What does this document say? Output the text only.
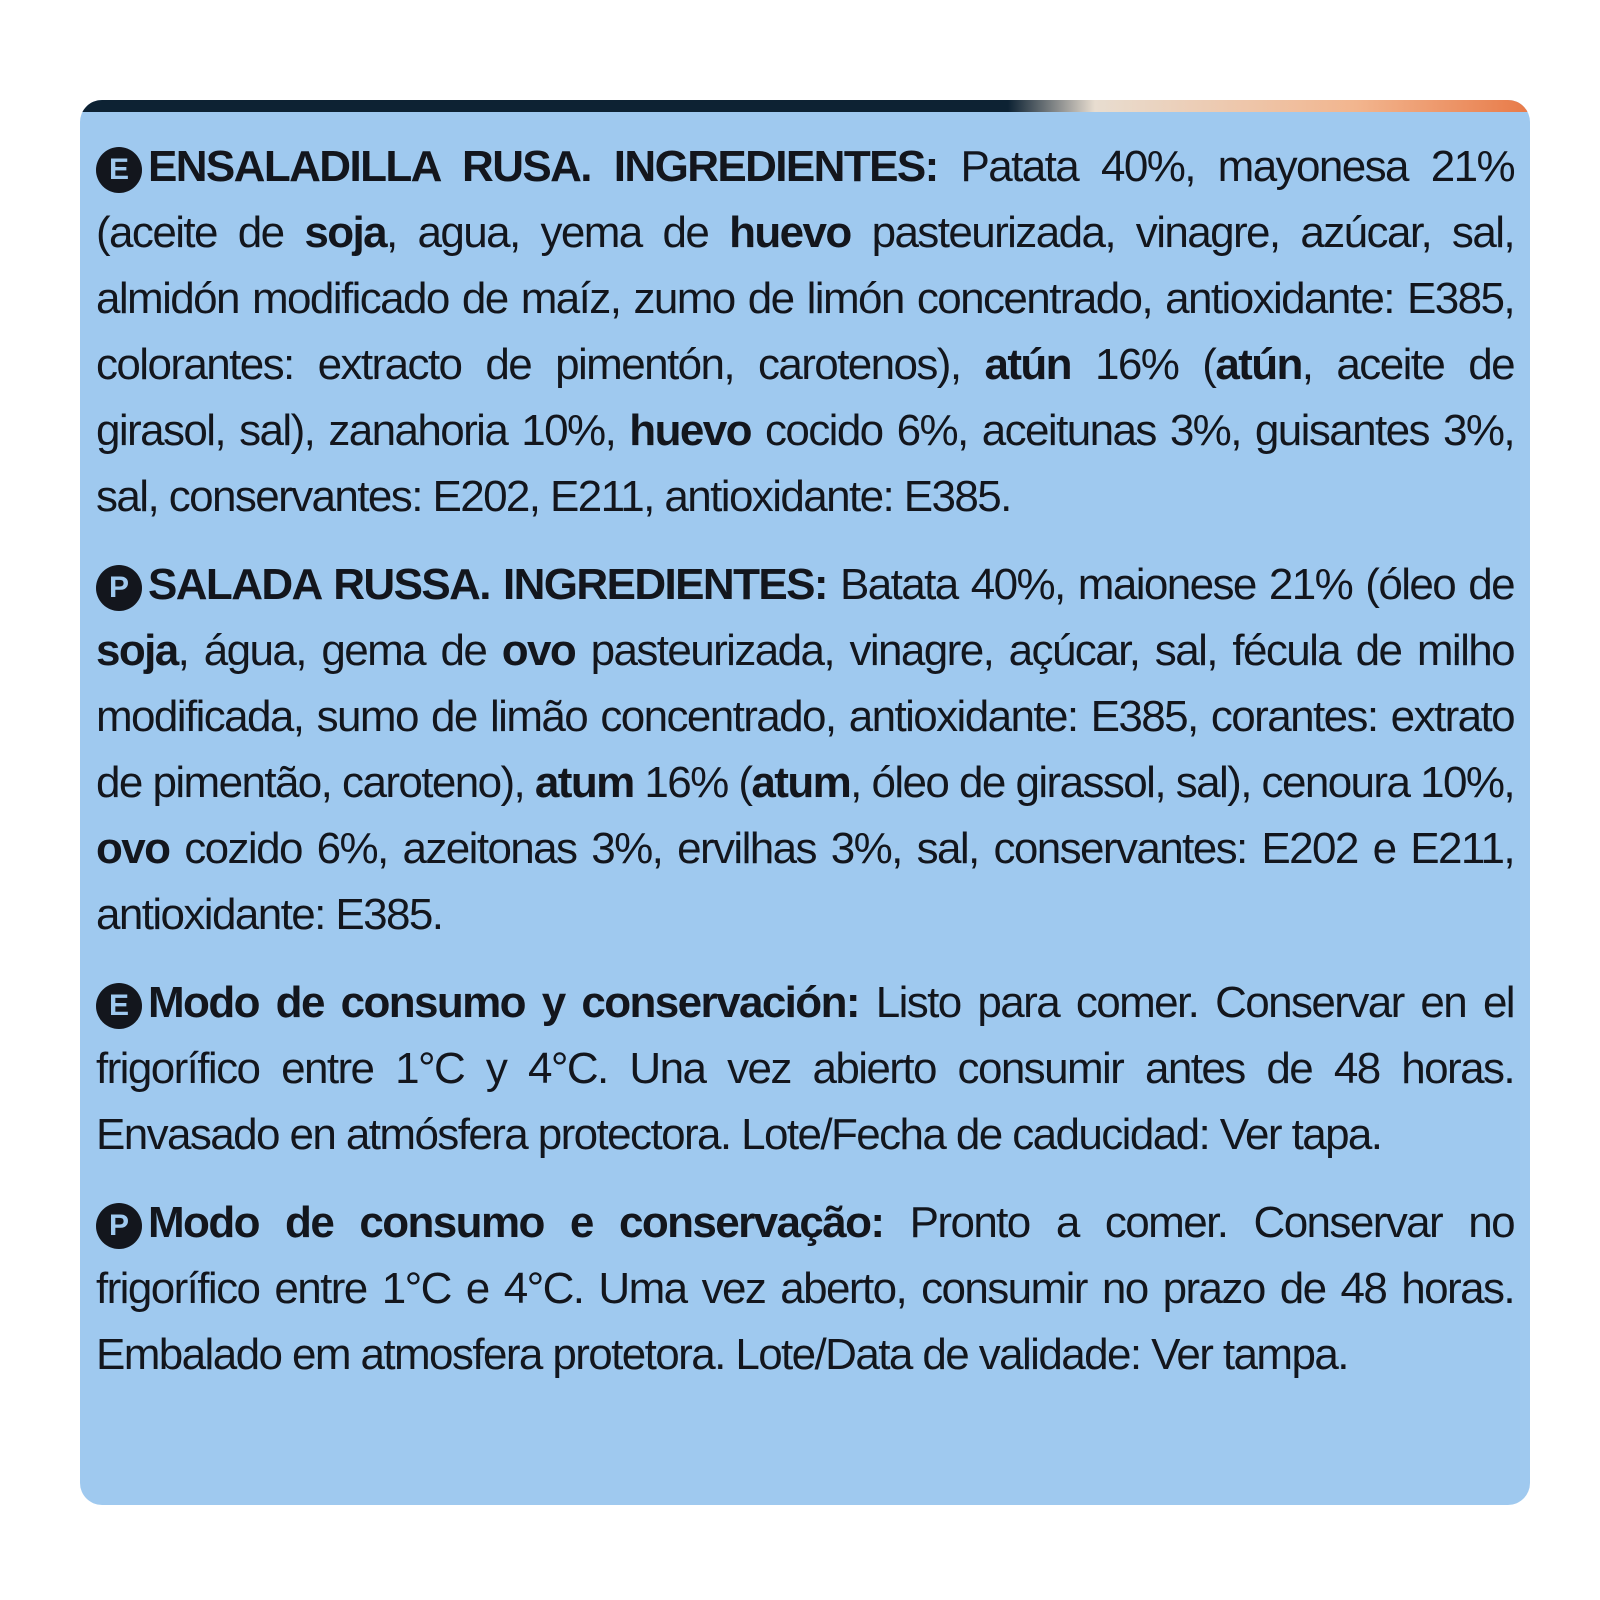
E ENSALADILLA RUSA. INGREDIENTES: Patata 40%, mayonesa 21% (aceite de soja, agua, yema de huevo pasteurizada, vinagre, azúcar, sal, almidón modificado de maíz, zumo de limón concentrado, antioxidante: E385, colorantes: extracto de pimentón, carotenos), atún 16% (atún, aceite de girasol, sal), zanahoria 10%, huevo cocido 6%, aceitunas 3%, guisantes 3%, sal, conservantes: E202, E211, antioxidante: E385.

P SALADA RUSSA. INGREDIENTES: Batata 40%, maionese 21% (óleo de soja, água, gema de ovo pasteurizada, vinagre, açúcar, sal, fécula de milho modificada, sumo de limão concentrado, antioxidante: E385, corantes: extrato de pimentão, caroteno), atum 16% (atum, óleo de girassol, sal), cenoura 10%, ovo cozido 6%, azeitonas 3%, ervilhas 3%, sal, conservantes: E202 e E211, antioxidante: E385.

E Modo de consumo y conservación: Listo para comer. Conservar en el frigorífico entre 1°C y 4°C. Una vez abierto consumir antes de 48 horas. Envasado en atmósfera protectora. Lote/Fecha de caducidad: Ver tapa.

P Modo de consumo e conservação: Pronto a comer. Conservar no frigorífico entre 1°C e 4°C. Uma vez aberto, consumir no prazo de 48 horas. Embalado em atmosfera protetora. Lote/Data de validade: Ver tampa.
